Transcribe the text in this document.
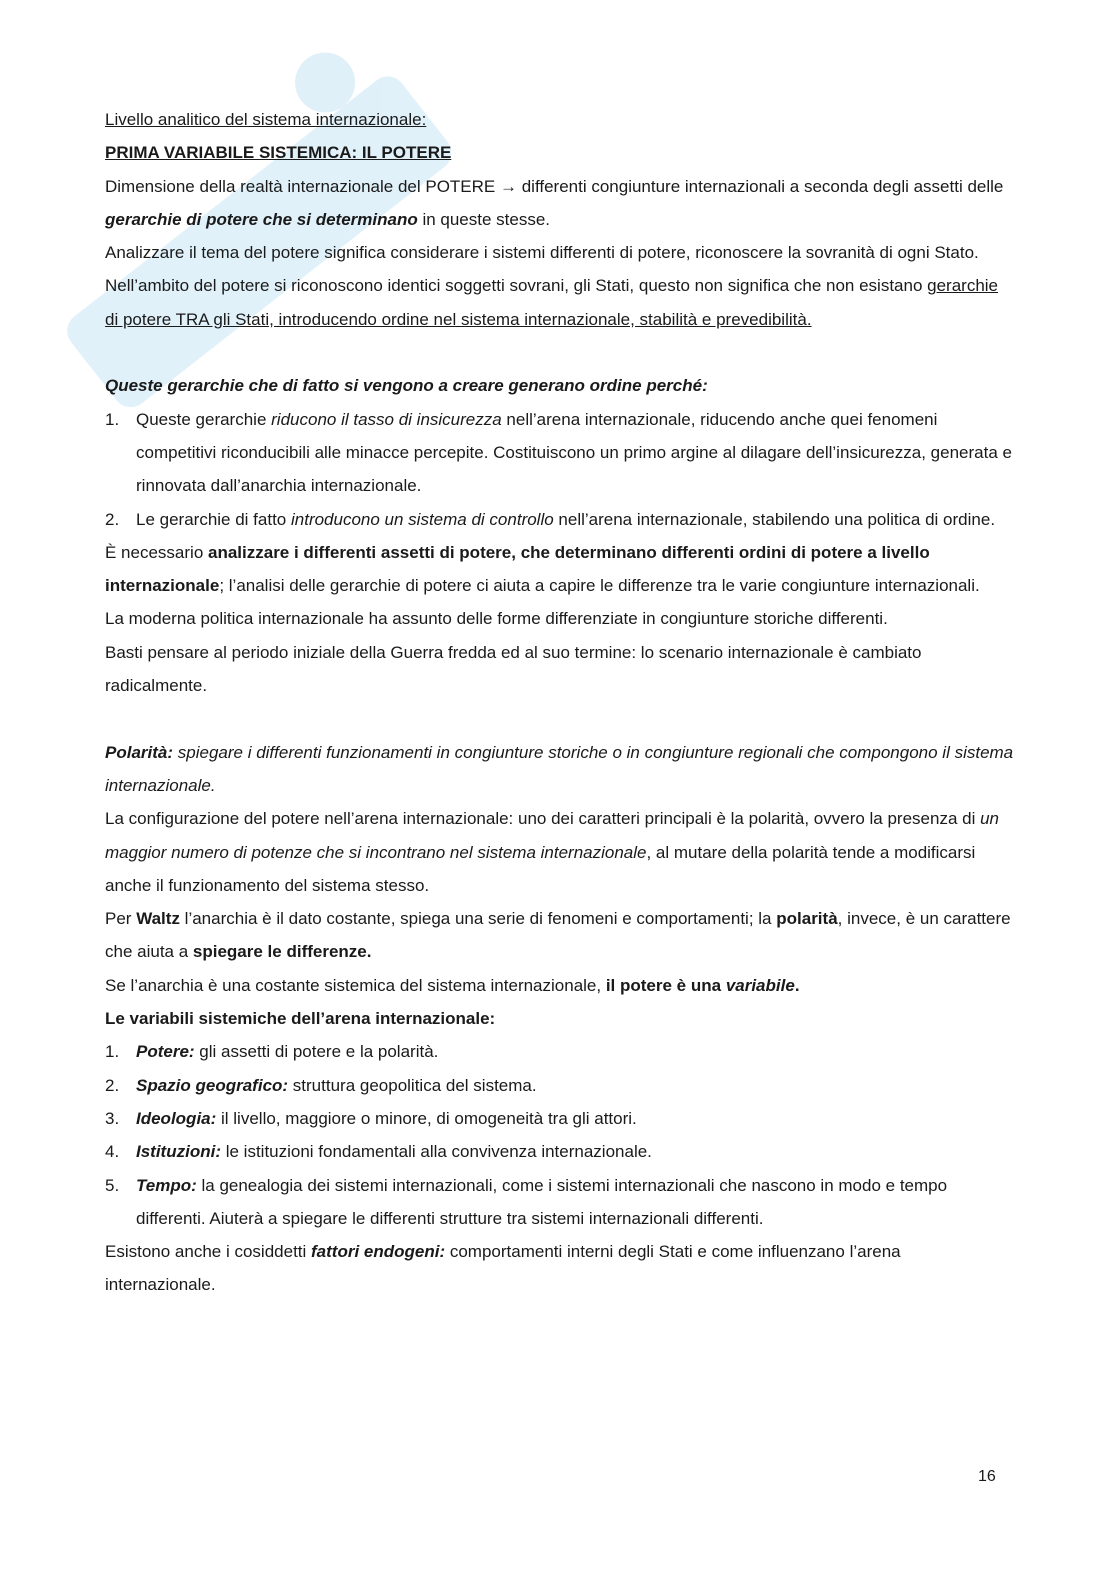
Livello analitico del sistema internazionale:

PRIMA VARIABILE SISTEMICA: IL POTERE

Dimensione della realtà internazionale del POTERE → differenti congiunture internazionali a seconda degli assetti delle gerarchie di potere che si determinano in queste stesse.

Analizzare il tema del potere significa considerare i sistemi differenti di potere, riconoscere la sovranità di ogni Stato.

Nell’ambito del potere si riconoscono identici soggetti sovrani, gli Stati, questo non significa che non esistano gerarchie di potere TRA gli Stati, introducendo ordine nel sistema internazionale, stabilità e prevedibilità.

Queste gerarchie che di fatto si vengono a creare generano ordine perché:

1. Queste gerarchie riducono il tasso di insicurezza nell’arena internazionale, riducendo anche quei fenomeni competitivi riconducibili alle minacce percepite. Costituiscono un primo argine al dilagare dell’insicurezza, generata e rinnovata dall’anarchia internazionale.
2. Le gerarchie di fatto introducono un sistema di controllo nell’arena internazionale, stabilendo una politica di ordine.

È necessario analizzare i differenti assetti di potere, che determinano differenti ordini di potere a livello internazionale; l’analisi delle gerarchie di potere ci aiuta a capire le differenze tra le varie congiunture internazionali.

La moderna politica internazionale ha assunto delle forme differenziate in congiunture storiche differenti.

Basti pensare al periodo iniziale della Guerra fredda ed al suo termine: lo scenario internazionale è cambiato radicalmente.

Polarità: spiegare i differenti funzionamenti in congiunture storiche o in congiunture regionali che compongono il sistema internazionale.

La configurazione del potere nell’arena internazionale: uno dei caratteri principali è la polarità, ovvero la presenza di un maggior numero di potenze che si incontrano nel sistema internazionale, al mutare della polarità tende a modificarsi anche il funzionamento del sistema stesso.

Per Waltz l’anarchia è il dato costante, spiega una serie di fenomeni e comportamenti; la polarità, invece, è un carattere che aiuta a spiegare le differenze.

Se l’anarchia è una costante sistemica del sistema internazionale, il potere è una variabile.

Le variabili sistemiche dell’arena internazionale:

1. Potere: gli assetti di potere e la polarità.
2. Spazio geografico: struttura geopolitica del sistema.
3. Ideologia: il livello, maggiore o minore, di omogeneità tra gli attori.
4. Istituzioni: le istituzioni fondamentali alla convivenza internazionale.
5. Tempo: la genealogia dei sistemi internazionali, come i sistemi internazionali che nascono in modo e tempo differenti. Aiuterà a spiegare le differenti strutture tra sistemi internazionali differenti.

Esistono anche i cosiddetti fattori endogeni: comportamenti interni degli Stati e come influenzano l’arena internazionale.

16
